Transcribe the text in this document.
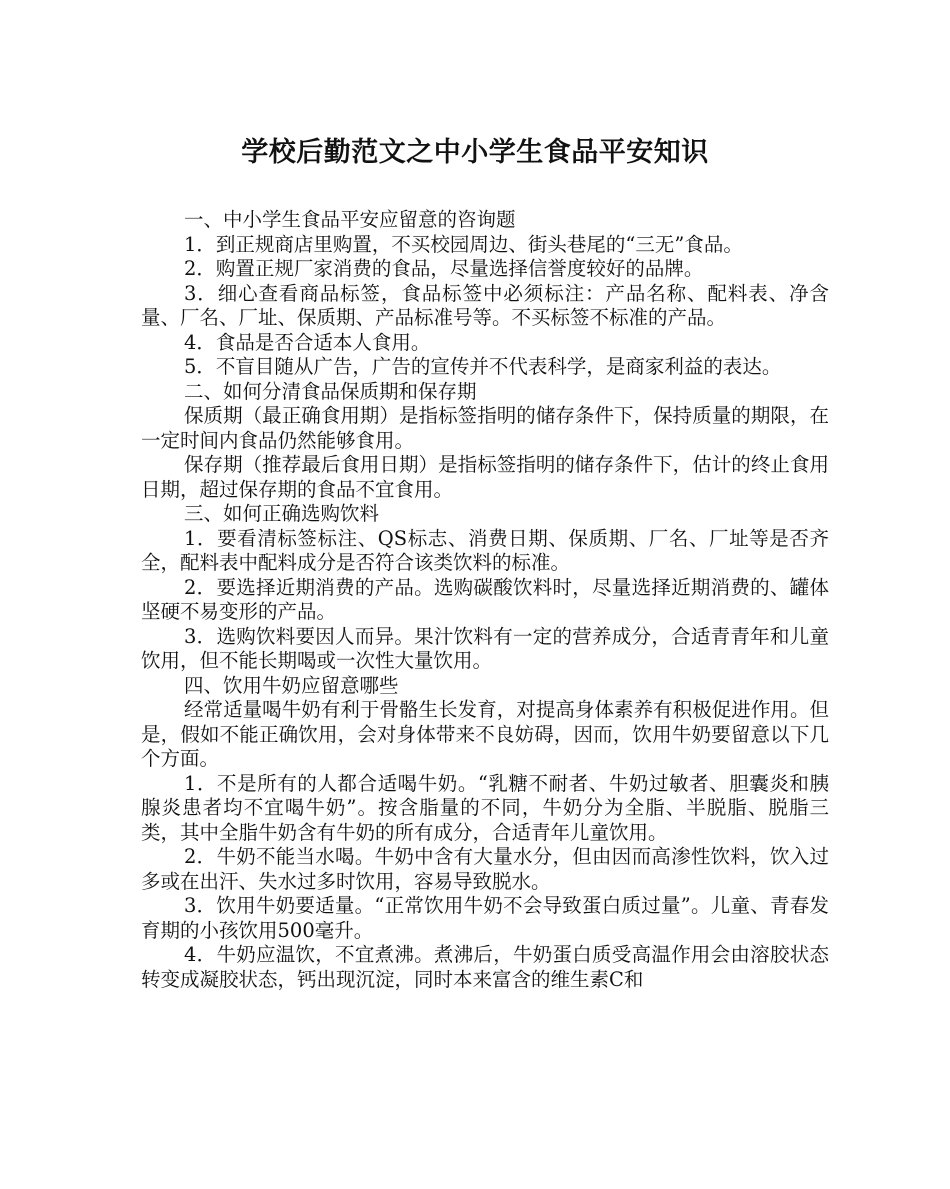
学校后勤范文之中小学生食品平安知识

一、中小学生食品平安应留意的咨询题

1．到正规商店里购置，不买校园周边、街头巷尾的“三无”食品。

2．购置正规厂家消费的食品，尽量选择信誉度较好的品牌。

3．细心查看商品标签，食品标签中必须标注：产品名称、配料表、净含量、厂名、厂址、保质期、产品标准号等。不买标签不标准的产品。

4．食品是否合适本人食用。

5．不盲目随从广告，广告的宣传并不代表科学，是商家利益的表达。

二、如何分清食品保质期和保存期

保质期（最正确食用期）是指标签指明的储存条件下，保持质量的期限，在一定时间内食品仍然能够食用。

保存期（推荐最后食用日期）是指标签指明的储存条件下，估计的终止食用日期，超过保存期的食品不宜食用。

三、如何正确选购饮料

1．要看清标签标注、QS标志、消费日期、保质期、厂名、厂址等是否齐全，配料表中配料成分是否符合该类饮料的标准。

2．要选择近期消费的产品。选购碳酸饮料时，尽量选择近期消费的、罐体坚硬不易变形的产品。

3．选购饮料要因人而异。果汁饮料有一定的营养成分，合适青青年和儿童饮用，但不能长期喝或一次性大量饮用。

四、饮用牛奶应留意哪些

经常适量喝牛奶有利于骨骼生长发育，对提高身体素养有积极促进作用。但是，假如不能正确饮用，会对身体带来不良妨碍，因而，饮用牛奶要留意以下几个方面。

1．不是所有的人都合适喝牛奶。“乳糖不耐者、牛奶过敏者、胆囊炎和胰腺炎患者均不宜喝牛奶”。按含脂量的不同，牛奶分为全脂、半脱脂、脱脂三类，其中全脂牛奶含有牛奶的所有成分，合适青年儿童饮用。

2．牛奶不能当水喝。牛奶中含有大量水分，但由因而高渗性饮料，饮入过多或在出汗、失水过多时饮用，容易导致脱水。

3．饮用牛奶要适量。“正常饮用牛奶不会导致蛋白质过量”。儿童、青春发育期的小孩饮用500毫升。

4．牛奶应温饮，不宜煮沸。煮沸后，牛奶蛋白质受高温作用会由溶胶状态转变成凝胶状态，钙出现沉淀，同时本来富含的维生素C和
